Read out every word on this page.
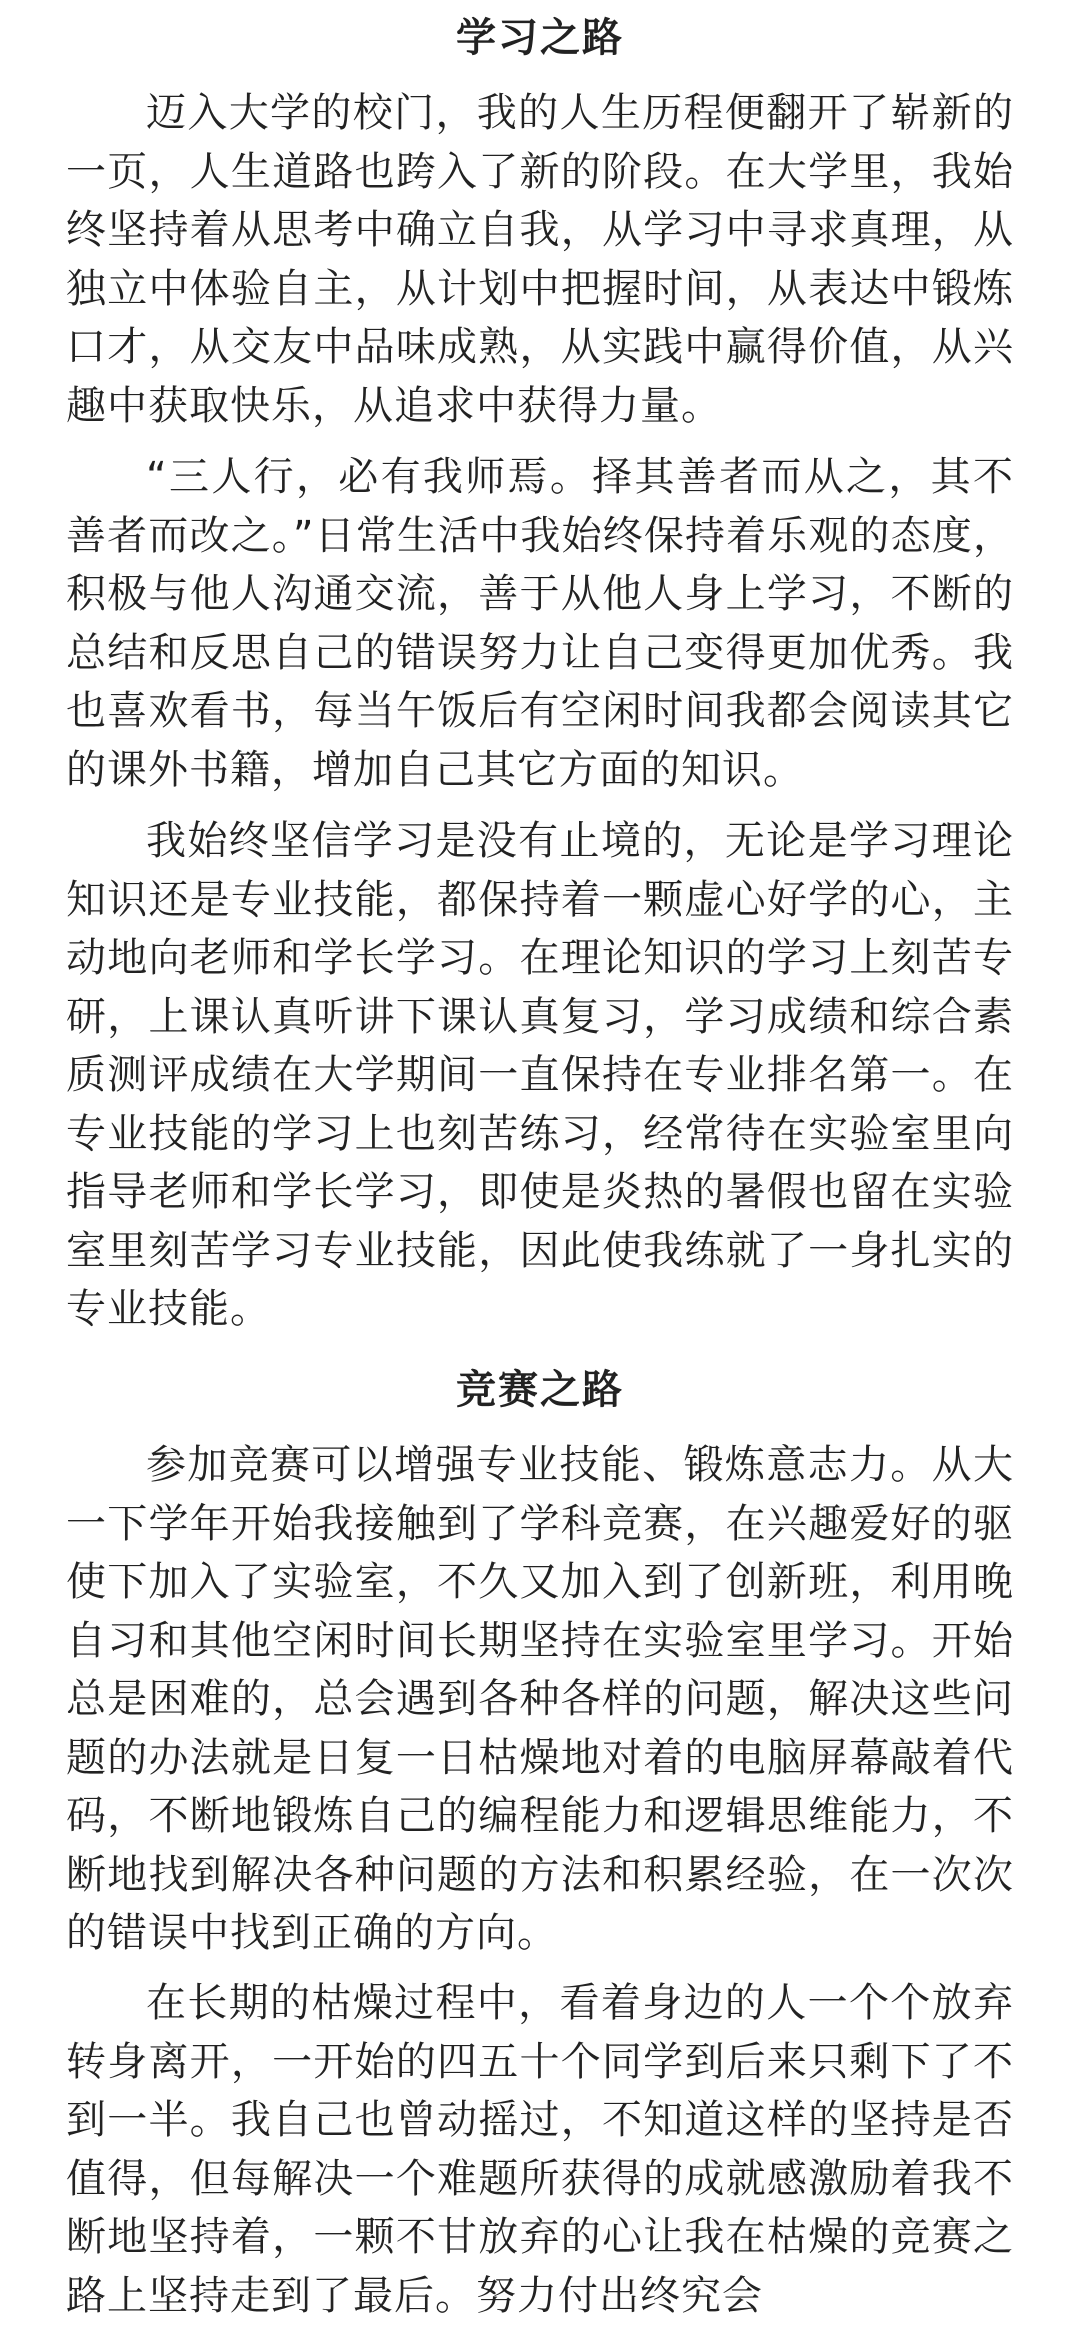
学习之路

迈入大学的校门，我的人生历程便翻开了崭新的一页，人生道路也跨入了新的阶段。在大学里，我始终坚持着从思考中确立自我，从学习中寻求真理，从独立中体验自主，从计划中把握时间，从表达中锻炼口才，从交友中品味成熟，从实践中赢得价值，从兴趣中获取快乐，从追求中获得力量。

“三人行，必有我师焉。择其善者而从之，其不善者而改之。”日常生活中我始终保持着乐观的态度，积极与他人沟通交流，善于从他人身上学习，不断的总结和反思自己的错误努力让自己变得更加优秀。我也喜欢看书，每当午饭后有空闲时间我都会阅读其它的课外书籍，增加自己其它方面的知识。

我始终坚信学习是没有止境的，无论是学习理论知识还是专业技能，都保持着一颗虚心好学的心，主动地向老师和学长学习。在理论知识的学习上刻苦专研，上课认真听讲下课认真复习，学习成绩和综合素质测评成绩在大学期间一直保持在专业排名第一。在专业技能的学习上也刻苦练习，经常待在实验室里向指导老师和学长学习，即使是炎热的暑假也留在实验室里刻苦学习专业技能，因此使我练就了一身扎实的专业技能。

竞赛之路

参加竞赛可以增强专业技能、锻炼意志力。从大一下学年开始我接触到了学科竞赛，在兴趣爱好的驱使下加入了实验室，不久又加入到了创新班，利用晚自习和其他空闲时间长期坚持在实验室里学习。开始总是困难的，总会遇到各种各样的问题，解决这些问题的办法就是日复一日枯燥地对着的电脑屏幕敲着代码，不断地锻炼自己的编程能力和逻辑思维能力，不断地找到解决各种问题的方法和积累经验，在一次次的错误中找到正确的方向。

在长期的枯燥过程中，看着身边的人一个个放弃转身离开，一开始的四五十个同学到后来只剩下了不到一半。我自己也曾动摇过，不知道这样的坚持是否值得，但每解决一个难题所获得的成就感激励着我不断地坚持着，一颗不甘放弃的心让我在枯燥的竞赛之路上坚持走到了最后。努力付出终究会
